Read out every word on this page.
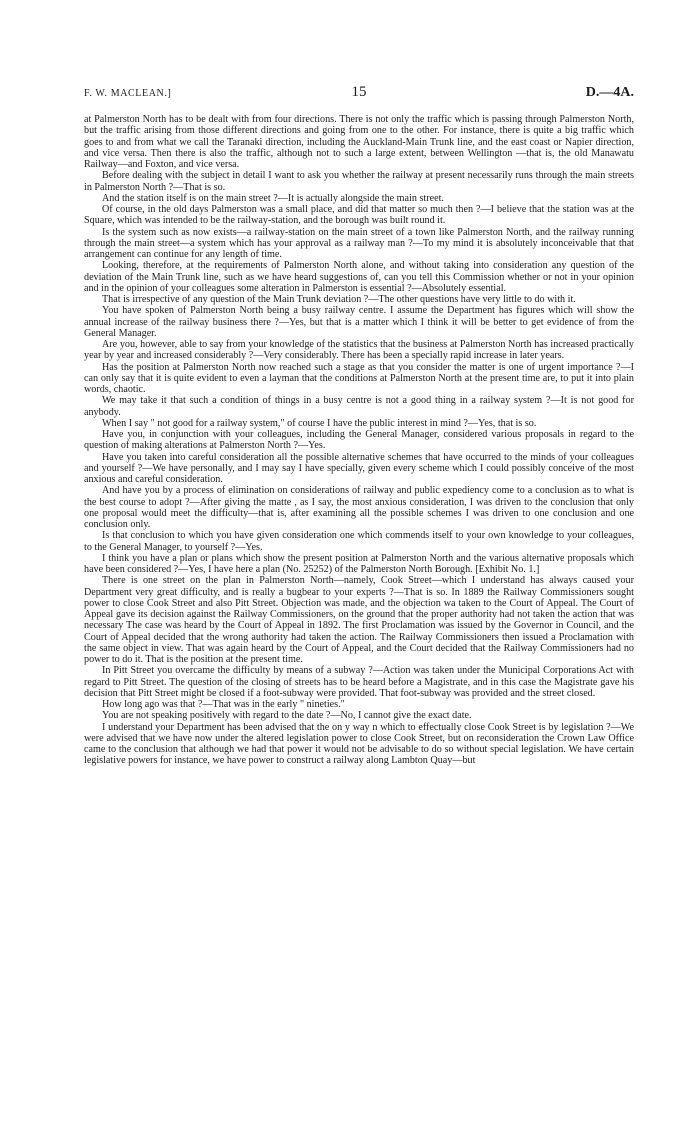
F. W. MACLEAN.]	15	D.—4A.

at Palmerston North has to be dealt with from four directions. There is not only the traffic which is passing through Palmerston North, but the traffic arising from those different directions and going from one to the other. For instance, there is quite a big traffic which goes to and from what we call the Taranaki direction, including the Auckland-Main Trunk line, and the east coast or Napier direction, and vice versa. Then there is also the traffic, although not to such a large extent, between Wellington —that is, the old Manawatu Railway—and Foxton, and vice versa.

Before dealing with the subject in detail I want to ask you whether the railway at present necessarily runs through the main streets in Palmerston North ?—That is so.

And the station itself is on the main street ?—It is actually alongside the main street.

Of course, in the old days Palmerston was a small place, and did that matter so much then ?—I believe that the station was at the Square, which was intended to be the railway-station, and the borough was built round it.

Is the system such as now exists—a railway-station on the main street of a town like Palmerston North, and the railway running through the main street—a system which has your approval as a railway man ?—To my mind it is absolutely inconceivable that that arrangement can continue for any length of time.

Looking, therefore, at the requirements of Palmerston North alone, and without taking into consideration any question of the deviation of the Main Trunk line, such as we have heard suggestions of, can you tell this Commission whether or not in your opinion and in the opinion of your colleagues some alteration in Palmerston is essential ?—Absolutely essential.

That is irrespective of any question of the Main Trunk deviation ?—The other questions have very little to do with it.

You have spoken of Palmerston North being a busy railway centre. I assume the Department has figures which will show the annual increase of the railway business there ?—Yes, but that is a matter which I think it will be better to get evidence of from the General Manager.

Are you, however, able to say from your knowledge of the statistics that the business at Palmerston North has increased practically year by year and increased considerably ?—Very considerably. There has been a specially rapid increase in later years.

Has the position at Palmerston North now reached such a stage as that you consider the matter is one of urgent importance ?—I can only say that it is quite evident to even a layman that the conditions at Palmerston North at the present time are, to put it into plain words, chaotic.

We may take it that such a condition of things in a busy centre is not a good thing in a railway system ?—It is not good for anybody.

When I say " not good for a railway system," of course I have the public interest in mind ?—Yes, that is so.

Have you, in conjunction with your colleagues, including the General Manager, considered various proposals in regard to the question of making alterations at Palmerston North ?—Yes.

Have you taken into careful consideration all the possible alternative schemes that have occurred to the minds of your colleagues and yourself ?—We have personally, and I may say I have specially, given every scheme which I could possibly conceive of the most anxious and careful consideration.

And have you by a process of elimination on considerations of railway and public expediency come to a conclusion as to what is the best course to adopt ?—After giving the matte , as I say, the most anxious consideration, I was driven to the conclusion that only one proposal would meet the difficulty—that is, after examining all the possible schemes I was driven to one conclusion and one conclusion only.

Is that conclusion to which you have given consideration one which commends itself to your own knowledge to your colleagues, to the General Manager, to yourself ?—Yes.

I think you have a plan or plans which show the present position at Palmerston North and the various alternative proposals which have been considered ?—Yes, I have here a plan (No. 25252) of the Palmerston North Borough. [Exhibit No. 1.]

There is one street on the plan in Palmerston North—namely, Cook Street—which I understand has always caused your Department very great difficulty, and is really a bugbear to your experts ?—That is so. In 1889 the Railway Commissioners sought power to close Cook Street and also Pitt Street. Objection was made, and the objection wa taken to the Court of Appeal. The Court of Appeal gave its decision against the Railway Commissioners, on the ground that the proper authority had not taken the action that was necessary The case was heard by the Court of Appeal in 1892. The first Proclamation was issued by the Governor in Council, and the Court of Appeal decided that the wrong authority had taken the action. The Railway Commissioners then issued a Proclamation with the same object in view. That was again heard by the Court of Appeal, and the Court decided that the Railway Commissioners had no power to do it. That is the position at the present time.

In Pitt Street you overcame the difficulty by means of a subway ?—Action was taken under the Municipal Corporations Act with regard to Pitt Street. The question of the closing of streets has to be heard before a Magistrate, and in this case the Magistrate gave his decision that Pitt Street might be closed if a foot-subway were provided. That foot-subway was provided and the street closed.

How long ago was that ?—That was in the early " nineties."

You are not speaking positively with regard to the date ?—No, I cannot give the exact date.

I understand your Department has been advised that the on y way n which to effectually close Cook Street is by legislation ?—We were advised that we have now under the altered legislation power to close Cook Street, but on reconsideration the Crown Law Office came to the conclusion that although we had that power it would not be advisable to do so without special legislation. We have certain legislative powers for instance, we have power to construct a railway along Lambton Quay—but
